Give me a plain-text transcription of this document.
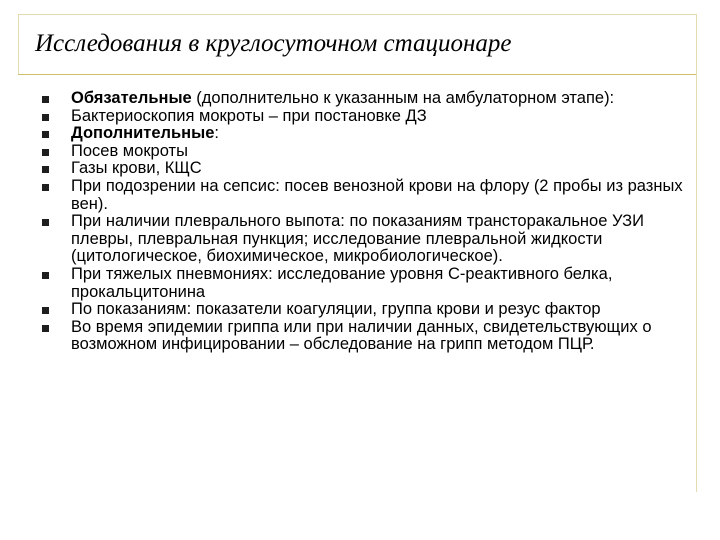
Исследования в круглосуточном стационаре
Обязательные (дополнительно к указанным на амбулаторном этапе):
Бактериоскопия мокроты – при постановке ДЗ
Дополнительные:
Посев мокроты
Газы крови, КЩС
При подозрении на сепсис: посев венозной крови на флору (2 пробы из разных вен).
При наличии плеврального выпота: по показаниям трансторакальное УЗИ плевры, плевральная пункция; исследование плевральной жидкости (цитологическое, биохимическое, микробиологическое).
При тяжелых пневмониях: исследование уровня С-реактивного белка, прокальцитонина
По показаниям: показатели коагуляции, группа крови и резус фактор
Во время эпидемии гриппа или при наличии данных, свидетельствующих о возможном инфицировании – обследование на грипп методом ПЦР.
